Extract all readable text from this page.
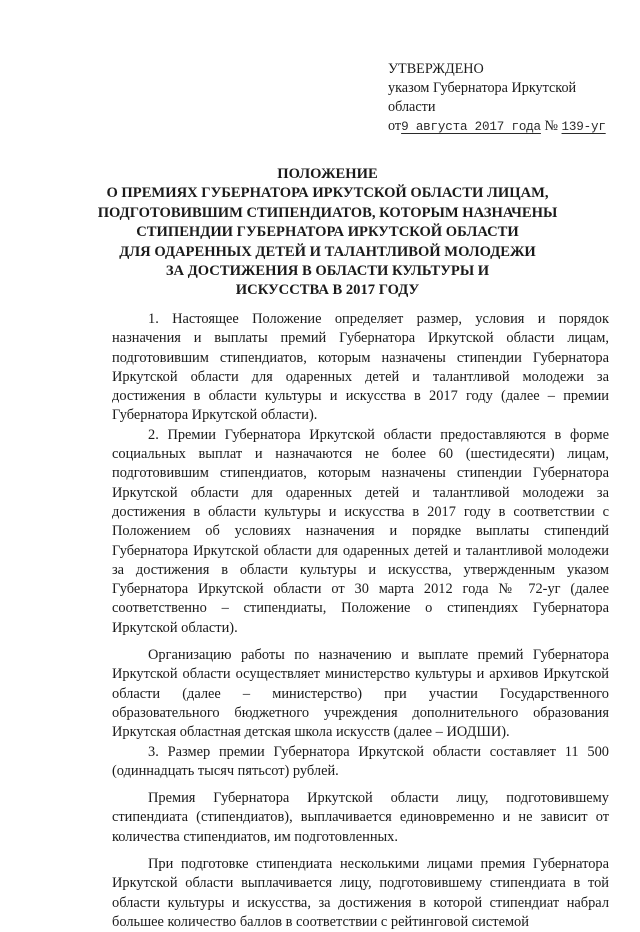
УТВЕРЖДЕНО
указом Губернатора Иркутской
области
от9 августа 2017 года № 139-уг
ПОЛОЖЕНИЕ
О ПРЕМИЯХ ГУБЕРНАТОРА ИРКУТСКОЙ ОБЛАСТИ ЛИЦАМ,
ПОДГОТОВИВШИМ СТИПЕНДИАТОВ, КОТОРЫМ НАЗНАЧЕНЫ
СТИПЕНДИИ ГУБЕРНАТОРА ИРКУТСКОЙ ОБЛАСТИ
ДЛЯ ОДАРЕННЫХ ДЕТЕЙ И ТАЛАНТЛИВОЙ МОЛОДЕЖИ
ЗА ДОСТИЖЕНИЯ В ОБЛАСТИ КУЛЬТУРЫ И
ИСКУССТВА В 2017 ГОДУ

1. Настоящее Положение определяет размер, условия и порядок назначения и выплаты премий Губернатора Иркутской области лицам, подготовившим стипендиатов, которым назначены стипендии Губернатора Иркутской области для одаренных детей и талантливой молодежи за достижения в области культуры и искусства в 2017 году (далее – премии Губернатора Иркутской области).

2. Премии Губернатора Иркутской области предоставляются в форме социальных выплат и назначаются не более 60 (шестидесяти) лицам, подготовившим стипендиатов, которым назначены стипендии Губернатора Иркутской области для одаренных детей и талантливой молодежи за достижения в области культуры и искусства в 2017 году в соответствии с Положением об условиях назначения и порядке выплаты стипендий Губернатора Иркутской области для одаренных детей и талантливой молодежи за достижения в области культуры и искусства, утвержденным указом Губернатора Иркутской области от 30 марта 2012 года № 72-уг (далее соответственно – стипендиаты, Положение о стипендиях Губернатора Иркутской области).

Организацию работы по назначению и выплате премий Губернатора Иркутской области осуществляет министерство культуры и архивов Иркутской области (далее – министерство) при участии Государственного образовательного бюджетного учреждения дополнительного образования Иркутская областная детская школа искусств (далее – ИОДШИ).

3. Размер премии Губернатора Иркутской области составляет 11 500 (одиннадцать тысяч пятьсот) рублей.

Премия Губернатора Иркутской области лицу, подготовившему стипендиата (стипендиатов), выплачивается единовременно и не зависит от количества стипендиатов, им подготовленных.

При подготовке стипендиата несколькими лицами премия Губернатора Иркутской области выплачивается лицу, подготовившему стипендиата в той области культуры и искусства, за достижения в которой стипендиат набрал большее количество баллов в соответствии с рейтинговой системой
